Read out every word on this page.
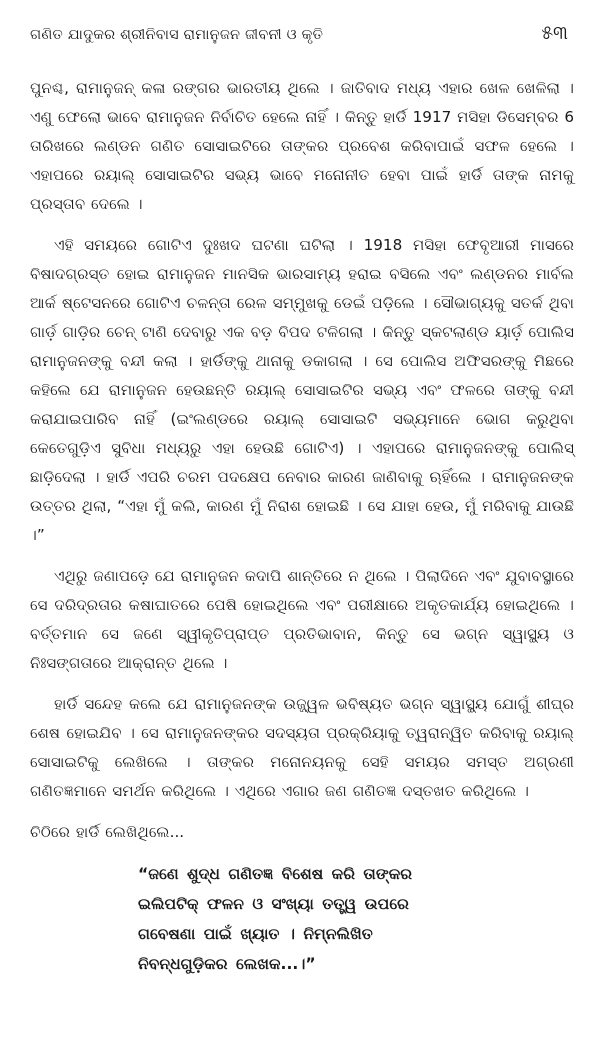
ଗଣିତ ଯାଦୁକର ଶ୍ରୀନିବାସ ରାମାନୁଜନ ଜୀବନୀ ଓ କୃତି	୫୩

ପୁନଶ୍ଚ, ରାମାନୁଜନ୍ କଳା ରଙ୍ଗର ଭାରତୀୟ ଥିଲେ । ଜାତିବାଦ ମଧ୍ୟ ଏହାର ଖେଳ ଖେଳିଲା । ଏଣୁ ଫେଲୋ ଭାବେ ରାମାନୁଜନ ନିର୍ବାଚିତ ହେଲେ ନାହିଁ । କିନ୍ତୁ ହାର୍ଡି 1917 ମସିହା ଡିସେମ୍ବର 6 ତାରିଖରେ ଲଣ୍ଡନ ଗଣିତ ସୋସାଇଟିରେ ତାଙ୍କର ପ୍ରବେଶ କରିବାପାଇଁ ସଫଳ ହେଲେ । ଏହାପରେ ରୟାଲ୍ ସୋସାଇଟିର ସଭ୍ୟ ଭାବେ ମନୋନୀତ ହେବା ପାଇଁ ହାର୍ଡି ତାଙ୍କ ନାମକୁ ପ୍ରସ୍ତାବ ଦେଲେ ।

ଏହି ସମୟରେ ଗୋଟିଏ ଦୁଃଖଦ ଘଟଣା ଘଟିଲା । 1918 ମସିହା ଫେବୃଆରୀ ମାସରେ ବିଷାଦଗ୍ରସ୍ତ ହୋଇ ରାମାନୁଜନ ମାନସିକ ଭାରସାମ୍ୟ ହରାଇ ବସିଲେ ଏବଂ ଲଣ୍ଡନର ମାର୍ବଲ ଆର୍କ ଷ୍ଟେସନରେ ଗୋଟିଏ ଚଳନ୍ତା ରେଳ ସମ୍ମୁଖକୁ ଡେଇଁ ପଡ଼ିଲେ । ସୌଭାଗ୍ୟକୁ ସତର୍କ ଥିବା ଗାର୍ଡ଼ ଗାଡ଼ିର ଚେନ୍ ଟାଣି ଦେବାରୁ ଏକ ବଡ଼ ବିପଦ ଟଳିଗଲା । କିନ୍ତୁ ସ୍କଟଲାଣ୍ଡ ୟାର୍ଡ଼ ପୋଲିସ ରାମାନୁଜନଙ୍କୁ ବନ୍ଦୀ କଲା । ହାର୍ଡିଙ୍କୁ ଥାନାକୁ ଡକାଗଲା । ସେ ପୋଲିସ ଅଫିସରଙ୍କୁ ମିଛରେ କହିଲେ ଯେ ରାମାନୁଜନ ହେଉଛନ୍ତି ରୟାଲ୍ ସୋସାଇଟିର ସଭ୍ୟ ଏବଂ ଫଳରେ ତାଙ୍କୁ ବନ୍ଦୀ କରାଯାଇପାରିବ ନାହିଁ (ଇଂଲଣ୍ଡରେ ରୟାଲ୍ ସୋସାଇଟି ସଭ୍ୟମାନେ ଭୋଗ କରୁଥିବା କେତେଗୁଡ଼ିଏ ସୁବିଧା ମଧ୍ୟରୁ ଏହା ହେଉଛି ଗୋଟିଏ) । ଏହାପରେ ରାମାନୁଜନଙ୍କୁ ପୋଲିସ୍ ଛାଡ଼ିଦେଲା । ହାର୍ଡି ଏପରି ଚରମ ପଦକ୍ଷେପ ନେବାର କାରଣ ଜାଣିବାକୁ ଋହିଁଲେ । ରାମାନୁଜନଙ୍କ ଉତ୍ତର ଥିଲା, “ଏହା ମୁଁ କଲି, କାରଣ ମୁଁ ନିରାଶ ହୋଇଛି । ସେ ଯାହା ହେଉ, ମୁଁ ମରିବାକୁ ଯାଉଛି ।”

ଏଥିରୁ ଜଣାପଡ଼େ ଯେ ରାମାନୁଜନ କଦାପି ଶାନ୍ତିରେ ନ ଥିଲେ । ପିଲାଦିନେ ଏବଂ ଯୁବାବସ୍ଥାରେ ସେ ଦରିଦ୍ରତାର କଷାଘାତରେ ପେଷି ହୋଇଥିଲେ ଏବଂ ପରୀକ୍ଷାରେ ଅକୃତକାର୍ଯ୍ୟ ହୋଇଥିଲେ । ବର୍ତ୍ତମାନ ସେ ଜଣେ ସ୍ୱୀକୃତିପ୍ରାପ୍ତ ପ୍ରତିଭାବାନ, କିନ୍ତୁ ସେ ଭଗ୍ନ ସ୍ୱାସ୍ଥ୍ୟ ଓ ନିଃସଙ୍ଗତାରେ ଆକ୍ରାନ୍ତ ଥିଲେ ।

ହାର୍ଡି ସନ୍ଦେହ କଲେ ଯେ ରାମାନୁଜନଙ୍କ ଉଜ୍ଜ୍ୱଳ ଭବିଷ୍ୟତ ଭଗ୍ନ ସ୍ୱାସ୍ଥ୍ୟ ଯୋଗୁଁ ଶୀଘ୍ର ଶେଷ ହୋଇଯିବ । ସେ ରାମାନୁଜନଙ୍କର ସଦସ୍ୟତା ପ୍ରକ୍ରିୟାକୁ ତ୍ୱରାନ୍ୱିତ କରିବାକୁ ରୟାଲ୍ ସୋସାଇଟିକୁ ଲେଖିଲେ । ତାଙ୍କର ମନୋନୟନକୁ ସେହି ସମୟର ସମସ୍ତ ଅଗ୍ରଣୀ ଗଣିତଜ୍ଞମାନେ ସମର୍ଥନ କରିଥିଲେ । ଏଥିରେ ଏଗାର ଜଣ ଗଣିତଜ୍ଞ ଦସ୍ତଖତ କରିଥିଲେ ।

ଚିଠିରେ ହାର୍ଡି ଲେଖିଥିଲେ...

“ଜଣେ ଶୁଦ୍ଧ ଗଣିତଜ୍ଞ ବିଶେଷ କରି ତାଙ୍କର
ଇଲିପଟିକ୍ ଫଳନ ଓ ସଂଖ୍ୟା ତତ୍ତ୍ୱ ଉପରେ
ଗବେଷଣା ପାଇଁ ଖ୍ୟାତ । ନିମ୍ନଲିଖିତ
ନିବନ୍ଧଗୁଡ଼ିକର ଲେଖକ...।”
